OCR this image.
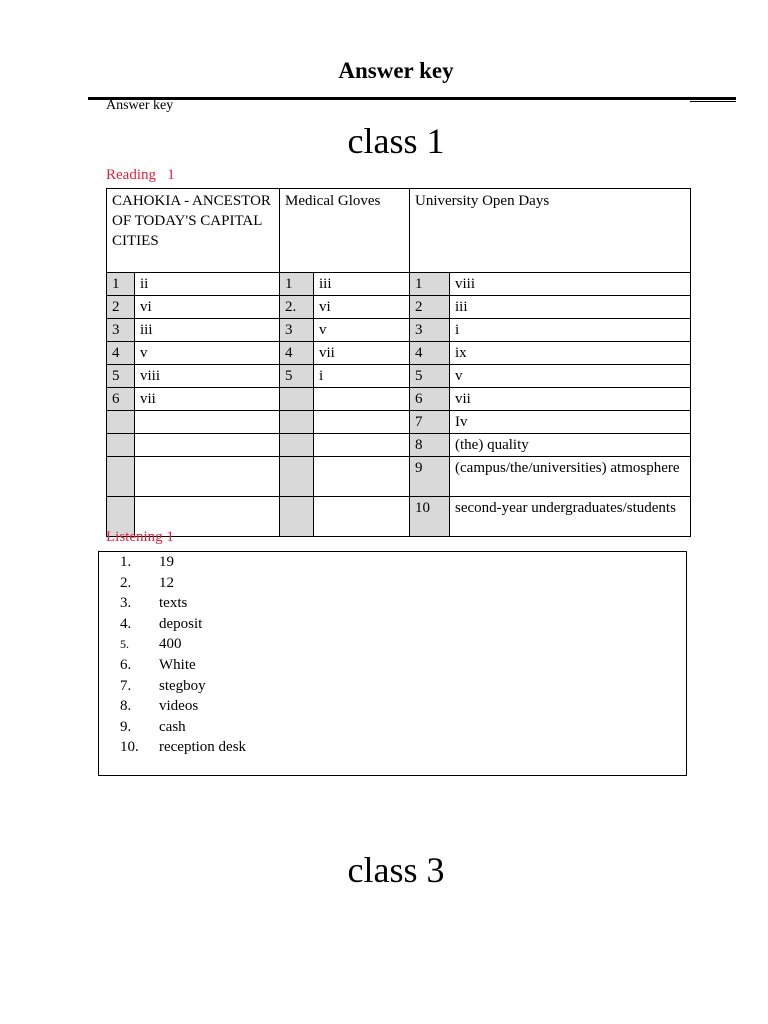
Answer key
Answer key
class 1
Reading   1
CAHOKIA - ANCESTOR OF TODAY'S CAPITAL CITIES		Medical Gloves		University Open Days	
1	ii	1	iii	1	viii
2	vi	2.	vi	2	iii
3	iii	3	v	3	i
4	v	4	vii	4	ix
5	viii	5	i	5	v
6	vii			6	vii
				7	Iv
				8	(the) quality
				9	(campus/the/universities) atmosphere
				10	second-year undergraduates/students
Listening 1
1.	19
2.	12
3.	texts
4.	deposit
5.	400
6.	White
7.	stegboy
8.	videos
9.	cash
10.	reception desk
class 3
